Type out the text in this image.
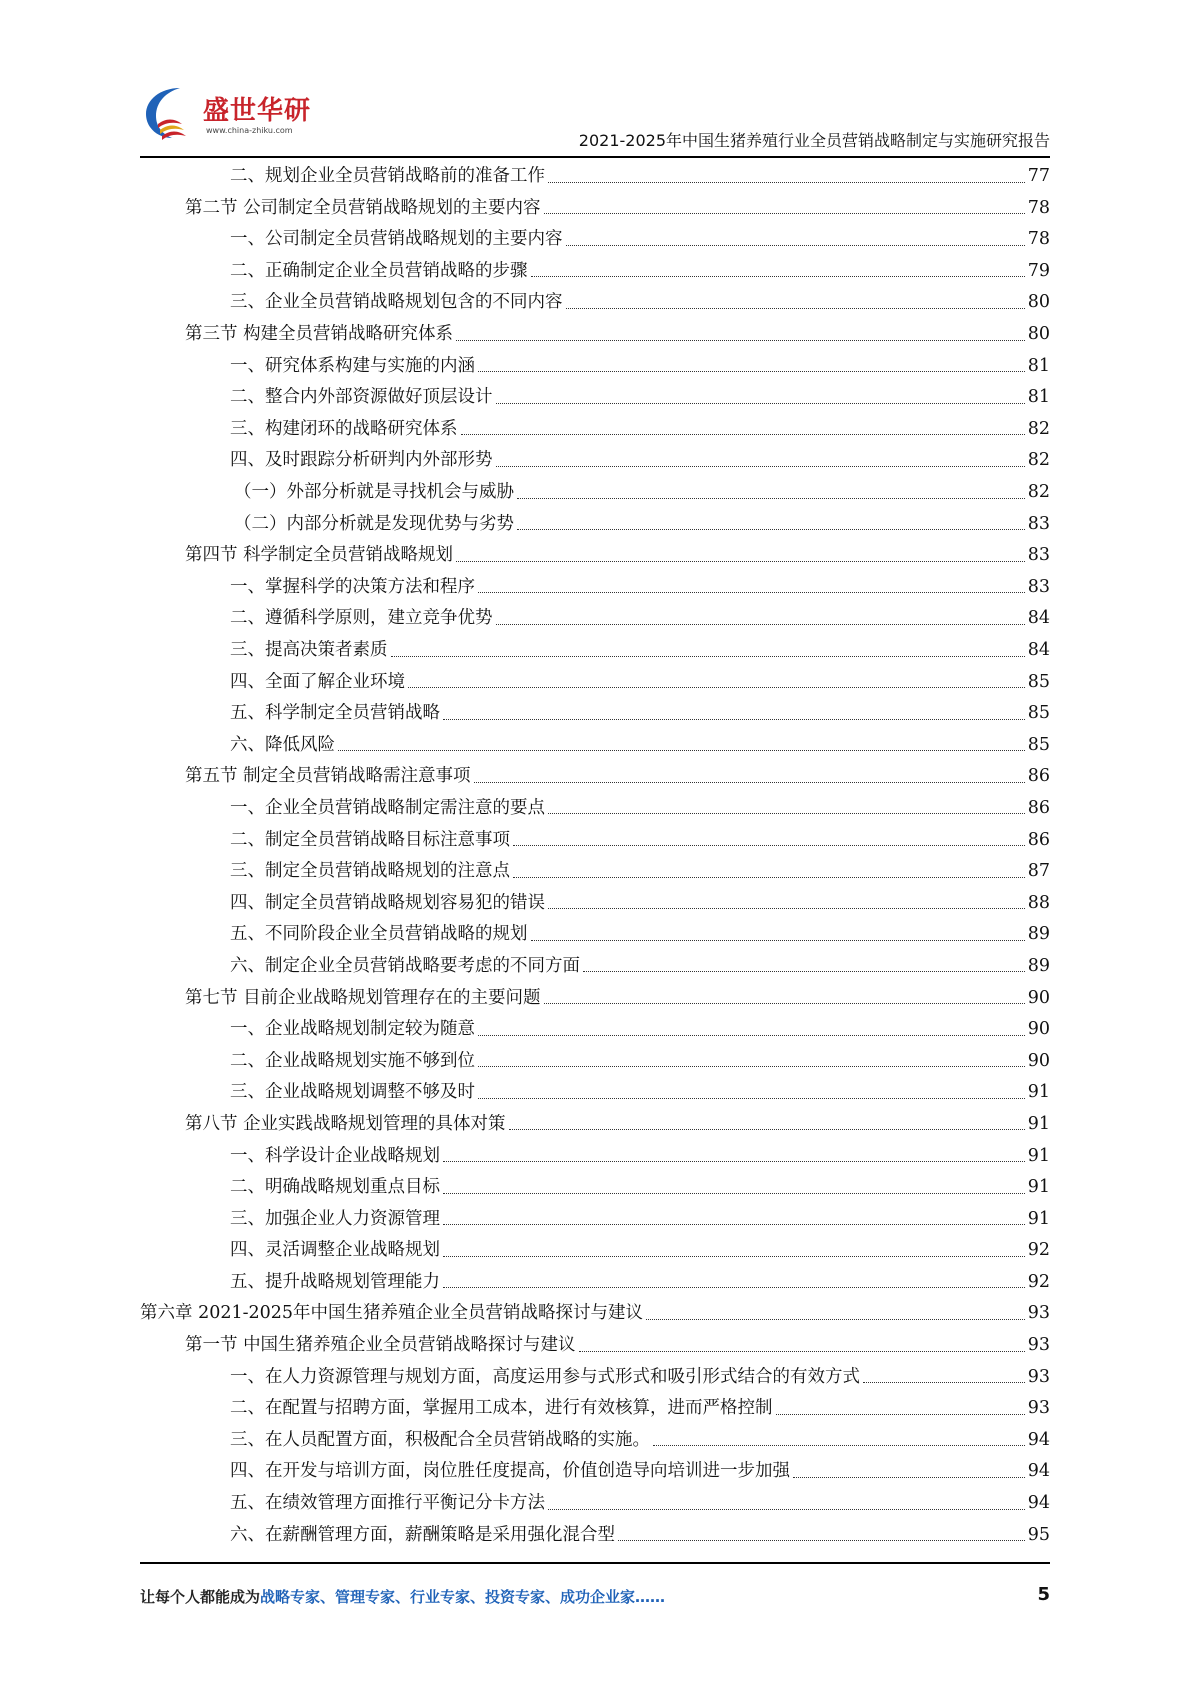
盛世华研
www.china-zhiku.com
2021-2025年中国生猪养殖行业全员营销战略制定与实施研究报告
二、规划企业全员营销战略前的准备工作	77
第二节 公司制定全员营销战略规划的主要内容	78
一、公司制定全员营销战略规划的主要内容	78
二、正确制定企业全员营销战略的步骤	79
三、企业全员营销战略规划包含的不同内容	80
第三节 构建全员营销战略研究体系	80
一、研究体系构建与实施的内涵	81
二、整合内外部资源做好顶层设计	81
三、构建闭环的战略研究体系	82
四、及时跟踪分析研判内外部形势	82
（一）外部分析就是寻找机会与威胁	82
（二）内部分析就是发现优势与劣势	83
第四节 科学制定全员营销战略规划	83
一、掌握科学的决策方法和程序	83
二、遵循科学原则，建立竞争优势	84
三、提高决策者素质	84
四、全面了解企业环境	85
五、科学制定全员营销战略	85
六、降低风险	85
第五节 制定全员营销战略需注意事项	86
一、企业全员营销战略制定需注意的要点	86
二、制定全员营销战略目标注意事项	86
三、制定全员营销战略规划的注意点	87
四、制定全员营销战略规划容易犯的错误	88
五、不同阶段企业全员营销战略的规划	89
六、制定企业全员营销战略要考虑的不同方面	89
第七节 目前企业战略规划管理存在的主要问题	90
一、企业战略规划制定较为随意	90
二、企业战略规划实施不够到位	90
三、企业战略规划调整不够及时	91
第八节 企业实践战略规划管理的具体对策	91
一、科学设计企业战略规划	91
二、明确战略规划重点目标	91
三、加强企业人力资源管理	91
四、灵活调整企业战略规划	92
五、提升战略规划管理能力	92
第六章 2021-2025年中国生猪养殖企业全员营销战略探讨与建议	93
第一节 中国生猪养殖企业全员营销战略探讨与建议	93
一、在人力资源管理与规划方面，高度运用参与式形式和吸引形式结合的有效方式	93
二、在配置与招聘方面，掌握用工成本，进行有效核算，进而严格控制	93
三、在人员配置方面，积极配合全员营销战略的实施。	94
四、在开发与培训方面，岗位胜任度提高，价值创造导向培训进一步加强	94
五、在绩效管理方面推行平衡记分卡方法	94
六、在薪酬管理方面，薪酬策略是采用强化混合型	95
让每个人都能成为战略专家、管理专家、行业专家、投资专家、成功企业家……	5
